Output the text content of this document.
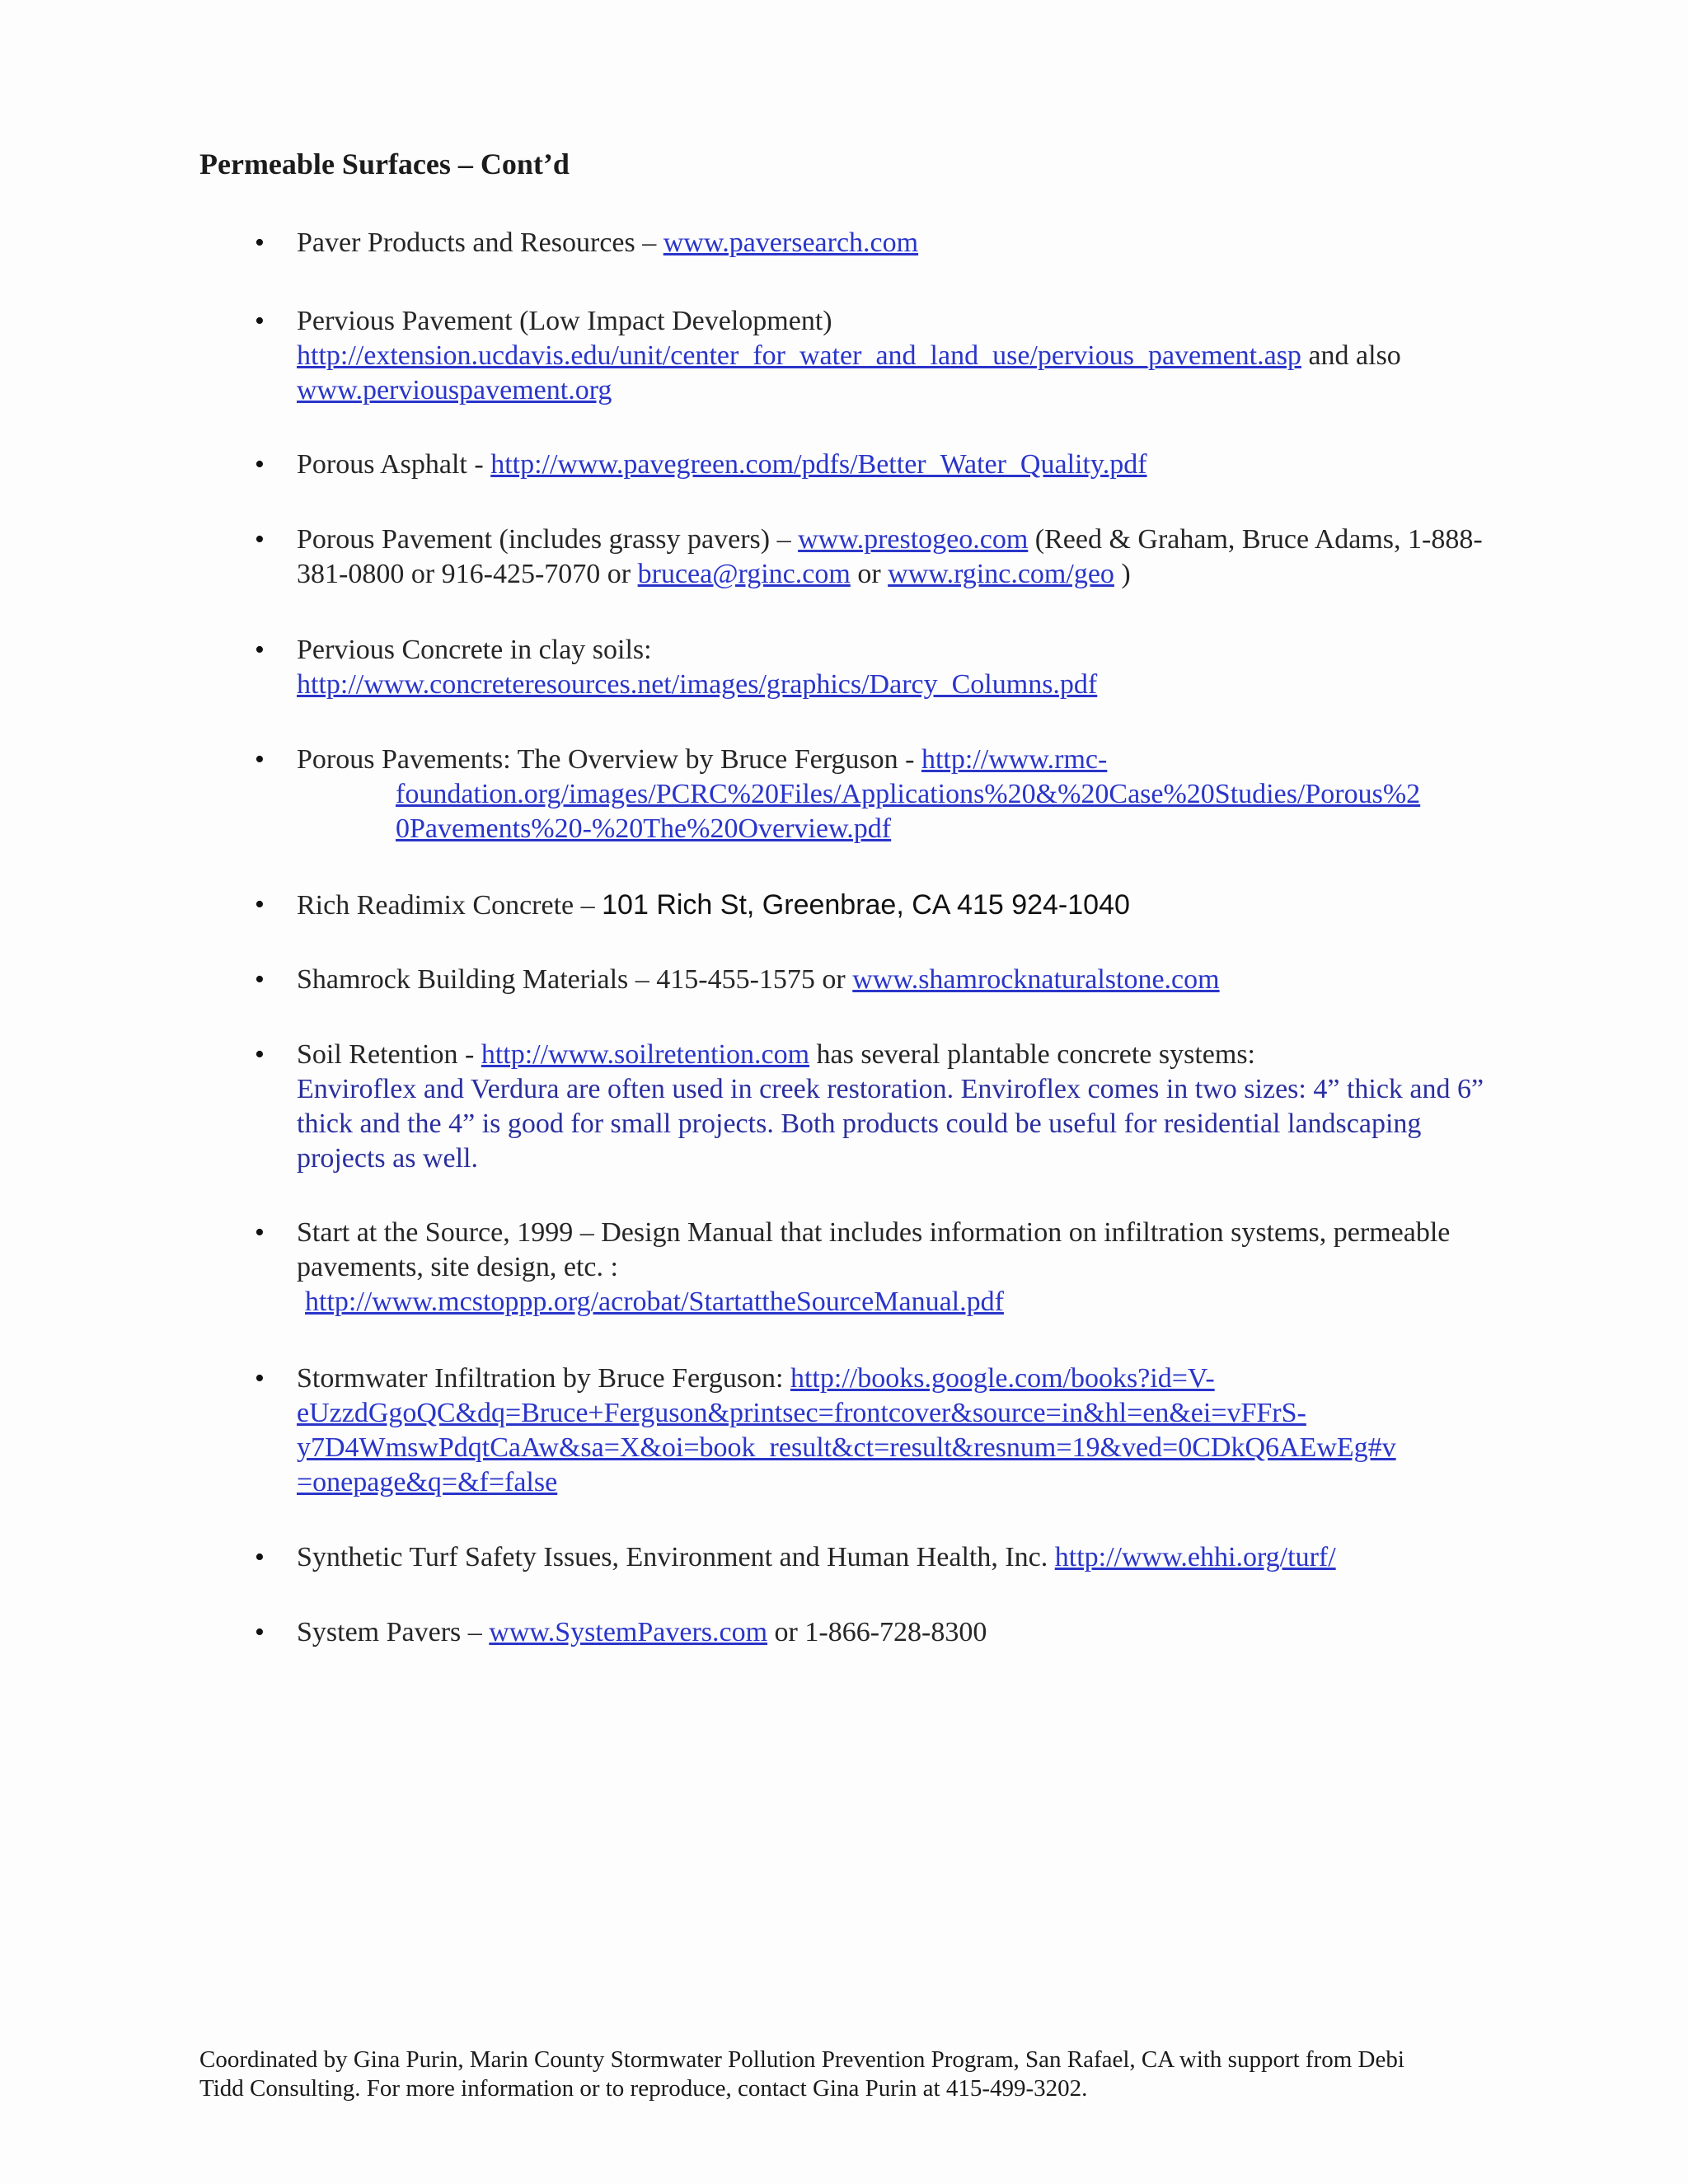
Permeable Surfaces – Cont’d
• Paver Products and Resources – www.paversearch.com
• Pervious Pavement (Low Impact Development)
http://extension.ucdavis.edu/unit/center_for_water_and_land_use/pervious_pavement.asp and also www.perviouspavement.org
• Porous Asphalt - http://www.pavegreen.com/pdfs/Better_Water_Quality.pdf
• Porous Pavement (includes grassy pavers) – www.prestogeo.com (Reed & Graham, Bruce Adams, 1-888-381-0800 or 916-425-7070 or brucea@rginc.com or www.rginc.com/geo )
• Pervious Concrete in clay soils:
http://www.concreteresources.net/images/graphics/Darcy_Columns.pdf
• Porous Pavements: The Overview by Bruce Ferguson - http://www.rmc-
foundation.org/images/PCRC%20Files/Applications%20&%20Case%20Studies/Porous%2
0Pavements%20-%20The%20Overview.pdf
• Rich Readimix Concrete – 101 Rich St, Greenbrae, CA 415 924-1040
• Shamrock Building Materials – 415-455-1575 or www.shamrocknaturalstone.com
• Soil Retention - http://www.soilretention.com has several plantable concrete systems:
Enviroflex and Verdura are often used in creek restoration. Enviroflex comes in two sizes: 4” thick and 6” thick and the 4” is good for small projects. Both products could be useful for residential landscaping projects as well.
• Start at the Source, 1999 – Design Manual that includes information on infiltration systems, permeable pavements, site design, etc. :

http://www.mcstoppp.org/acrobat/StartattheSourceManual.pdf
• Stormwater Infiltration by Bruce Ferguson: http://books.google.com/books?id=V-
eUzzdGgoQC&dq=Bruce+Ferguson&printsec=frontcover&source=in&hl=en&ei=vFFrS-
y7D4WmswPdqtCaAw&sa=X&oi=book_result&ct=result&resnum=19&ved=0CDkQ6AEwEg#v
=onepage&q=&f=false
• Synthetic Turf Safety Issues, Environment and Human Health, Inc. http://www.ehhi.org/turf/
• System Pavers – www.SystemPavers.com or 1-866-728-8300
Coordinated by Gina Purin, Marin County Stormwater Pollution Prevention Program, San Rafael, CA with support from Debi
Tidd Consulting. For more information or to reproduce, contact Gina Purin at 415-499-3202.
